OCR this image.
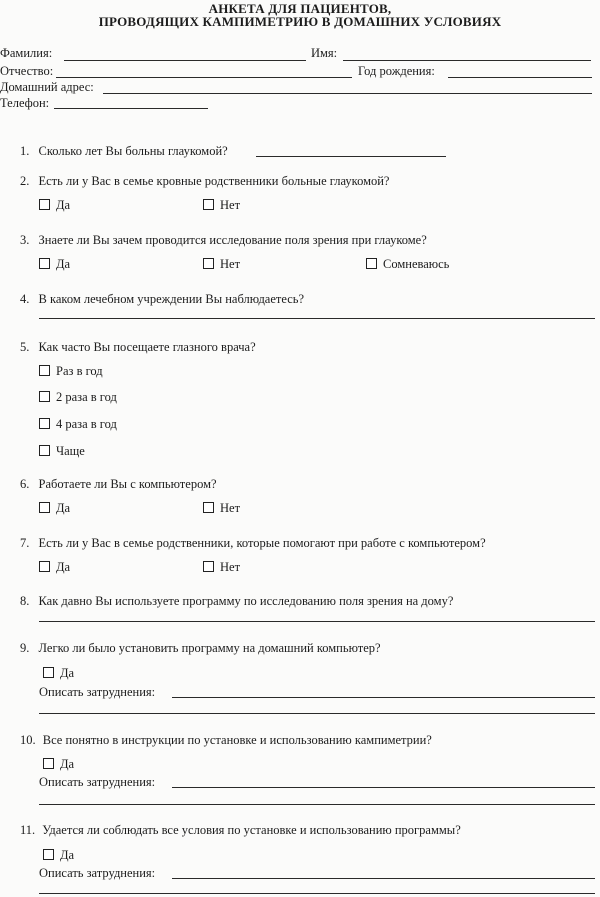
АНКЕТА ДЛЯ ПАЦИЕНТОВ,
ПРОВОДЯЩИХ КАМПИМЕТРИЮ В ДОМАШНИХ УСЛОВИЯХ
Фамилия:	Имя:
Отчество:	Год рождения:
Домашний адрес:
Телефон:
1. Сколько лет Вы больны глаукомой?
2. Есть ли у Вас в семье кровные родственники больные глаукомой?
Да	Нет
3. Знаете ли Вы зачем проводится исследование поля зрения при глаукоме?
Да	Нет	Сомневаюсь
4. В каком лечебном учреждении Вы наблюдаетесь?
5. Как часто Вы посещаете глазного врача?
Раз в год
2 раза в год
4 раза в год
Чаще
6. Работаете ли Вы с компьютером?
Да	Нет
7. Есть ли у Вас в семье родственники, которые помогают при работе с компьютером?
Да	Нет
8. Как давно Вы используете программу по исследованию поля зрения на дому?
9. Легко ли было установить программу на домашний компьютер?
Да
Описать затруднения:
10. Все понятно в инструкции по установке и использованию кампиметрии?
Да
Описать затруднения:
11. Удается ли соблюдать все условия по установке и использованию программы?
Да
Описать затруднения:
